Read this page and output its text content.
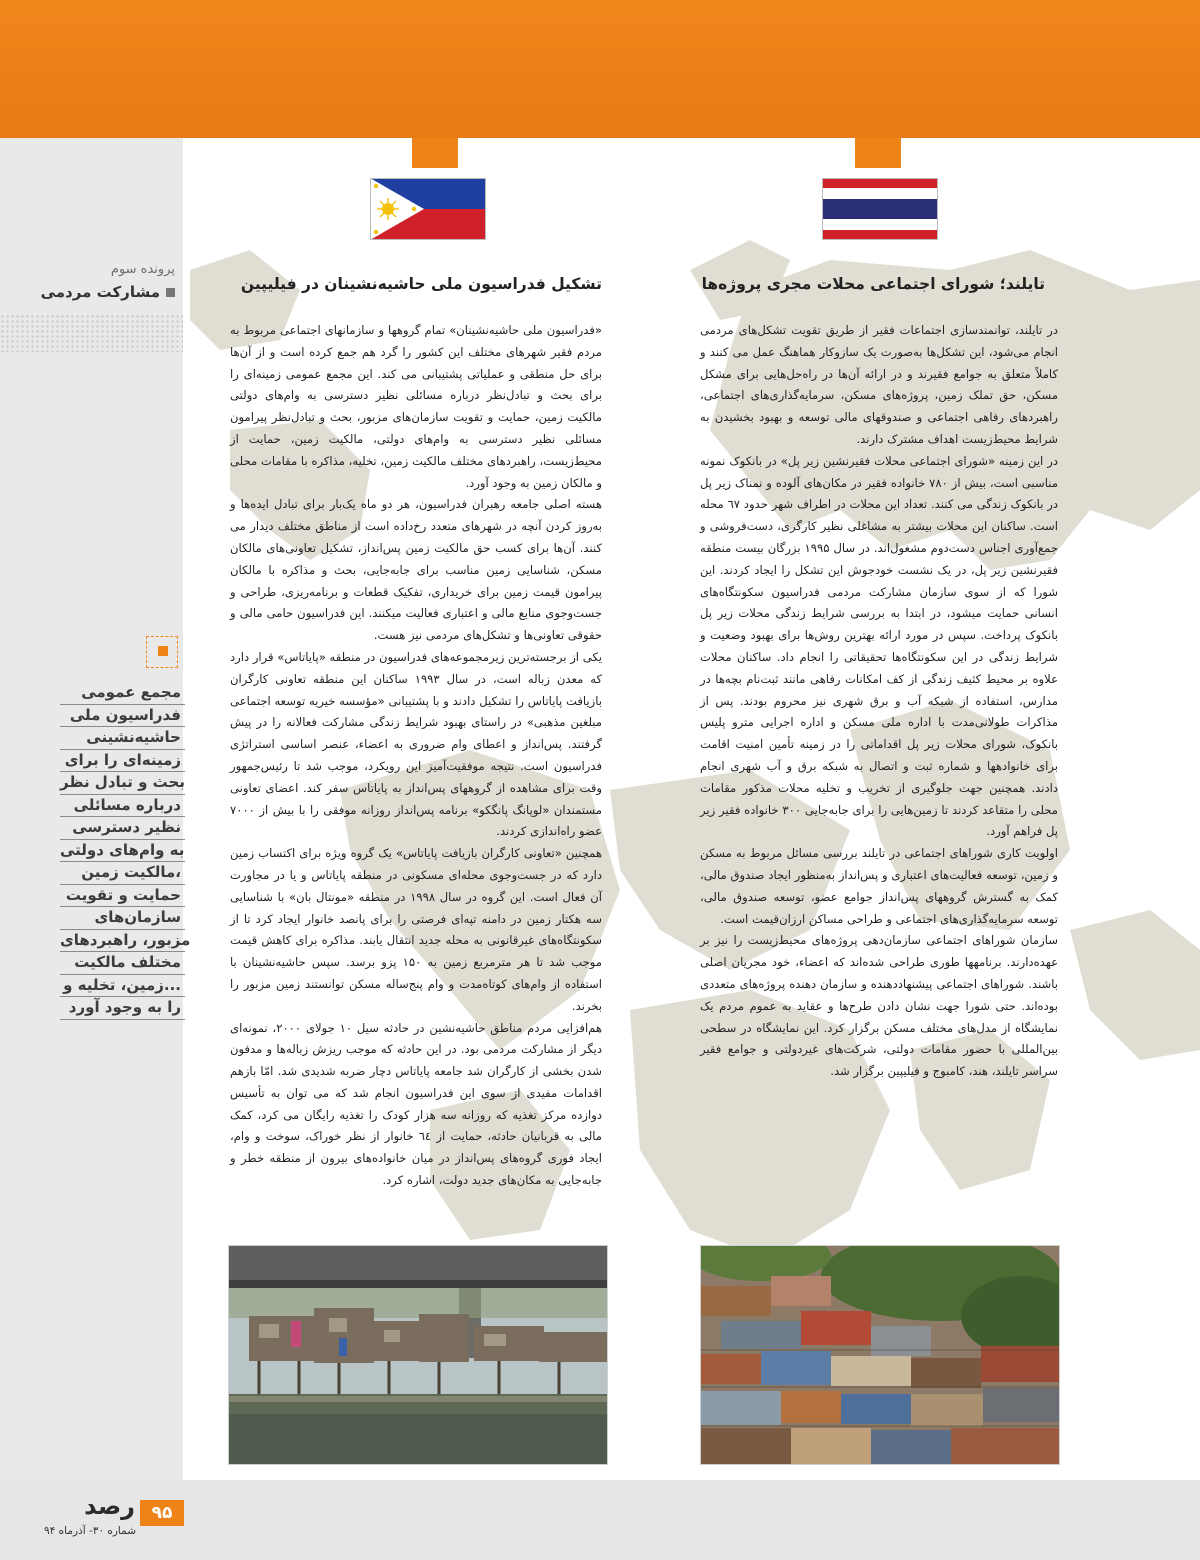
پرونده سوم
مشارکت مردمی
مجمع عمومی
فدراسیون ملی
حاشیه‌نشینی
زمینه‌ای را برای
بحث و تبادل نظر
درباره مسائلی
نظیر دسترسی
به وام‌های دولتی
مالکیت زمین،
حمایت و تقویت
سازمان‌های
مزبور، راهبردهای
مختلف مالکیت
زمین، تخلیه و...
را به وجود آورد
تشکیل فدراسیون ملی حاشیه‌نشینان در فیلیپین	تایلند؛ شورای اجتماعی محلات مجری پروژه‌ها

«فدراسیون ملی حاشیه‌نشینان» تمام گروهها و سازمانهای اجتماعی مربوط به مردم فقیر شهرهای مختلف این کشور را گرد هم جمع کرده است و از آن‌ها برای حل منطقی و عملیاتی پشتیبانی می کند. این مجمع عمومی زمینه‌ای را برای بحث و تبادل‌نظر درباره مسائلی نظیر دسترسی به وام‌های دولتی مالکیت زمین، حمایت و تقویت سازمان‌های مزبور، بحث و تبادل‌نظر پیرامون مسائلی نظیر دسترسی به وام‌های دولتی، مالکیت زمین، حمایت از محیط‌زیست، راهبردهای مختلف مالکیت زمین، تخلیه، مذاکره با مقامات محلی و مالکان زمین به وجود آورد.

هسته اصلی جامعه رهبران فدراسیون، هر دو ماه یک‌بار برای تبادل ایده‌ها و به‌روز کردن آنچه در شهرهای متعدد رخ‌داده است از مناطق مختلف دیدار می کنند. آن‌ها برای کسب حق مالکیت زمین پس‌انداز، تشکیل تعاونی‌های مالکان مسکن، شناسایی زمین مناسب برای جابه‌جایی، بحث و مذاکره با مالکان پیرامون قیمت زمین برای خریداری، تفکیک قطعات و برنامه‌ریزی، طراحی و جست‌وجوی منابع مالی و اعتباری فعالیت میکنند. این فدراسیون حامی مالی و حقوقی تعاونی‌ها و تشکل‌های مردمی نیز هست.

یکی از برجسته‌ترین زیرمجموعه‌های فدراسیون در منطقه «پایاتاس» قرار دارد که معدن زباله است، در سال ۱۹۹۳ ساکنان این منطقه تعاونی کارگران بازیافت پایاتاس را تشکیل دادند و با پشتیبانی «مؤسسه خیریه توسعه اجتماعی مبلغین مذهبی» در راستای بهبود شرایط زندگی مشارکت فعالانه را در پیش گرفتند. پس‌انداز و اعطای وام ضروری به اعضاء، عنصر اساسی استراتژی فدراسیون است. نتیجه موفقیت‌آمیز این رویکرد، موجب شد تا رئیس‌جمهور وقت برای مشاهده از گروههای پس‌انداز به پایاتاس سفر کند. اعضای تعاونی مستمندان «لوپانگ پانگکو» برنامه پس‌انداز روزانه موفقی را با بیش از ۷۰۰۰ عضو راه‌اندازی کردند.

همچنین «تعاونی کارگران بازیافت پایاتاس» یک گروه ویژه برای اکتساب زمین دارد که در جست‌وجوی محله‌ای مسکونی در منطقه پایاتاس و یا در مجاورت آن فعال است. این گروه در سال ۱۹۹۸ در منطقه «مونتال بان» با شناسایی سه هکتار زمین در دامنه تپه‌ای فرصتی را برای پانصد خانوار ایجاد کرد تا از سکونتگاه‌های غیرقانونی به محله جدید انتقال یابند. مذاکره برای کاهش قیمت موجب شد تا هر مترمربع زمین به ۱۵۰ پزو برسد. سپس حاشیه‌نشینان با استفاده از وام‌های کوتاه‌مدت و وام پنج‌ساله مسکن توانستند زمین مزبور را بخرند.

هم‌افزایی مردم مناطق حاشیه‌نشین در حادثه سیل ۱۰ جولای ۲۰۰۰، نمونه‌ای دیگر از مشارکت مردمی بود. در این حادثه که موجب ریزش زباله‌ها و مدفون شدن بخشی از کارگران شد جامعه پایاتاس دچار ضربه شدیدی شد. امّا بازهم اقدامات مفیدی از سوی این فدراسیون انجام شد که می توان به تأسیس دوازده مرکز تغذیه که روزانه سه هزار کودک را تغذیه رایگان می کرد، کمک مالی به قربانیان حادثه، حمایت از ٦٤ خانوار از نظر خوراک، سوخت و وام، ایجاد فوری گروه‌های پس‌انداز در میان خانواده‌های بیرون از منطقه خطر و جابه‌جایی به مکان‌های جدید دولت، اشاره کرد.

در تایلند، توانمندسازی اجتماعات فقیر از طریق تقویت تشکل‌های مردمی انجام می‌شود، این تشکل‌ها به‌صورت یک سازوکار هماهنگ عمل می کنند و کاملاً متعلق به جوامع فقیرند و در ارائه آن‌ها در راه‌حل‌هایی برای مشکل مسکن، حق تملک زمین، پروژه‌های مسکن، سرمایه‌گذاری‌های اجتماعی، راهبردهای رفاهی اجتماعی و صندوقهای مالی توسعه و بهبود بخشیدن به شرایط محیط‌زیست اهداف مشترک دارند.

در این زمینه «شورای اجتماعی محلات فقیرنشین زیر پل» در بانکوک نمونه مناسبی است، بیش از ۷۸۰ خانواده فقیر در مکان‌های آلوده و نمناک زیر پل در بانکوک زندگی می کنند. تعداد این محلات در اطراف شهر حدود ٦۷ محله است. ساکنان این محلات بیشتر به مشاغلی نظیر کارگری، دست‌فروشی و جمع‌آوری اجناس دست‌دوم مشغول‌اند. در سال ۱۹۹۵ بزرگان بیست منطقه فقیرنشین زیر پل، در یک نشست خودجوش این تشکل را ایجاد کردند. این شورا که از سوی سازمان مشارکت مردمی فدراسیون سکونتگاه‌های انسانی حمایت میشود، در ابتدا به بررسی شرایط زندگی محلات زیر پل بانکوک پرداخت. سپس در مورد ارائه بهترین روش‌ها برای بهبود وضعیت و شرایط زندگی در این سکونتگاه‌ها تحقیقاتی را انجام داد. ساکنان محلات علاوه بر محیط کثیف زندگی از کف امکانات رفاهی مانند ثبت‌نام بچه‌ها در مدارس، استفاده از شبکه آب و برق شهری نیز محروم بودند. پس از مذاکرات طولانی‌مدت با اداره ملی مسکن و اداره اجرایی مترو پلیس بانکوک، شورای محلات زیر پل اقداماتی را در زمینه تأمین امنیت اقامت برای خانوادهها و شماره ثبت و اتصال به شبکه برق و آب شهری انجام دادند. همچنین جهت جلوگیری از تخریب و تخلیه محلات مذکور مقامات محلی را متقاعد کردند تا زمین‌هایی را برای جابه‌جایی ۳۰۰ خانواده فقیر زیر پل فراهم آورد.

اولویت کاری شوراهای اجتماعی در تایلند بررسی مسائل مربوط به مسکن و زمین، توسعه فعالیت‌های اعتباری و پس‌انداز به‌منظور ایجاد صندوق مالی، کمک به گسترش گروههای پس‌انداز جوامع عضو، توسعه صندوق مالی، توسعه سرمایه‌گذاری‌های اجتماعی و طراحی مساکن ارزان‌قیمت است.

سازمان شوراهای اجتماعی سازمان‌دهی پروژه‌های محیط‌زیست را نیز بر عهده‌دارند. برنامهها طوری طراحی شده‌اند که اعضاء، خود مجریان اصلی باشند. شوراهای اجتماعی پیشنهاددهنده و سازمان دهنده پروژه‌های متعددی بوده‌اند. حتی شورا جهت نشان دادن طرح‌ها و عقاید به عموم مردم یک نمایشگاه از مدل‌های مختلف مسکن برگزار کرد. این نمایشگاه در سطحی بین‌المللی با حضور مقامات دولتی، شرکت‌های غیردولتی و جوامع فقیر سراسر تایلند، هند، کامبوج و فیلیپین برگزار شد.

۹۵
رصد
شماره ۳۰- آذرماه ۹۴
